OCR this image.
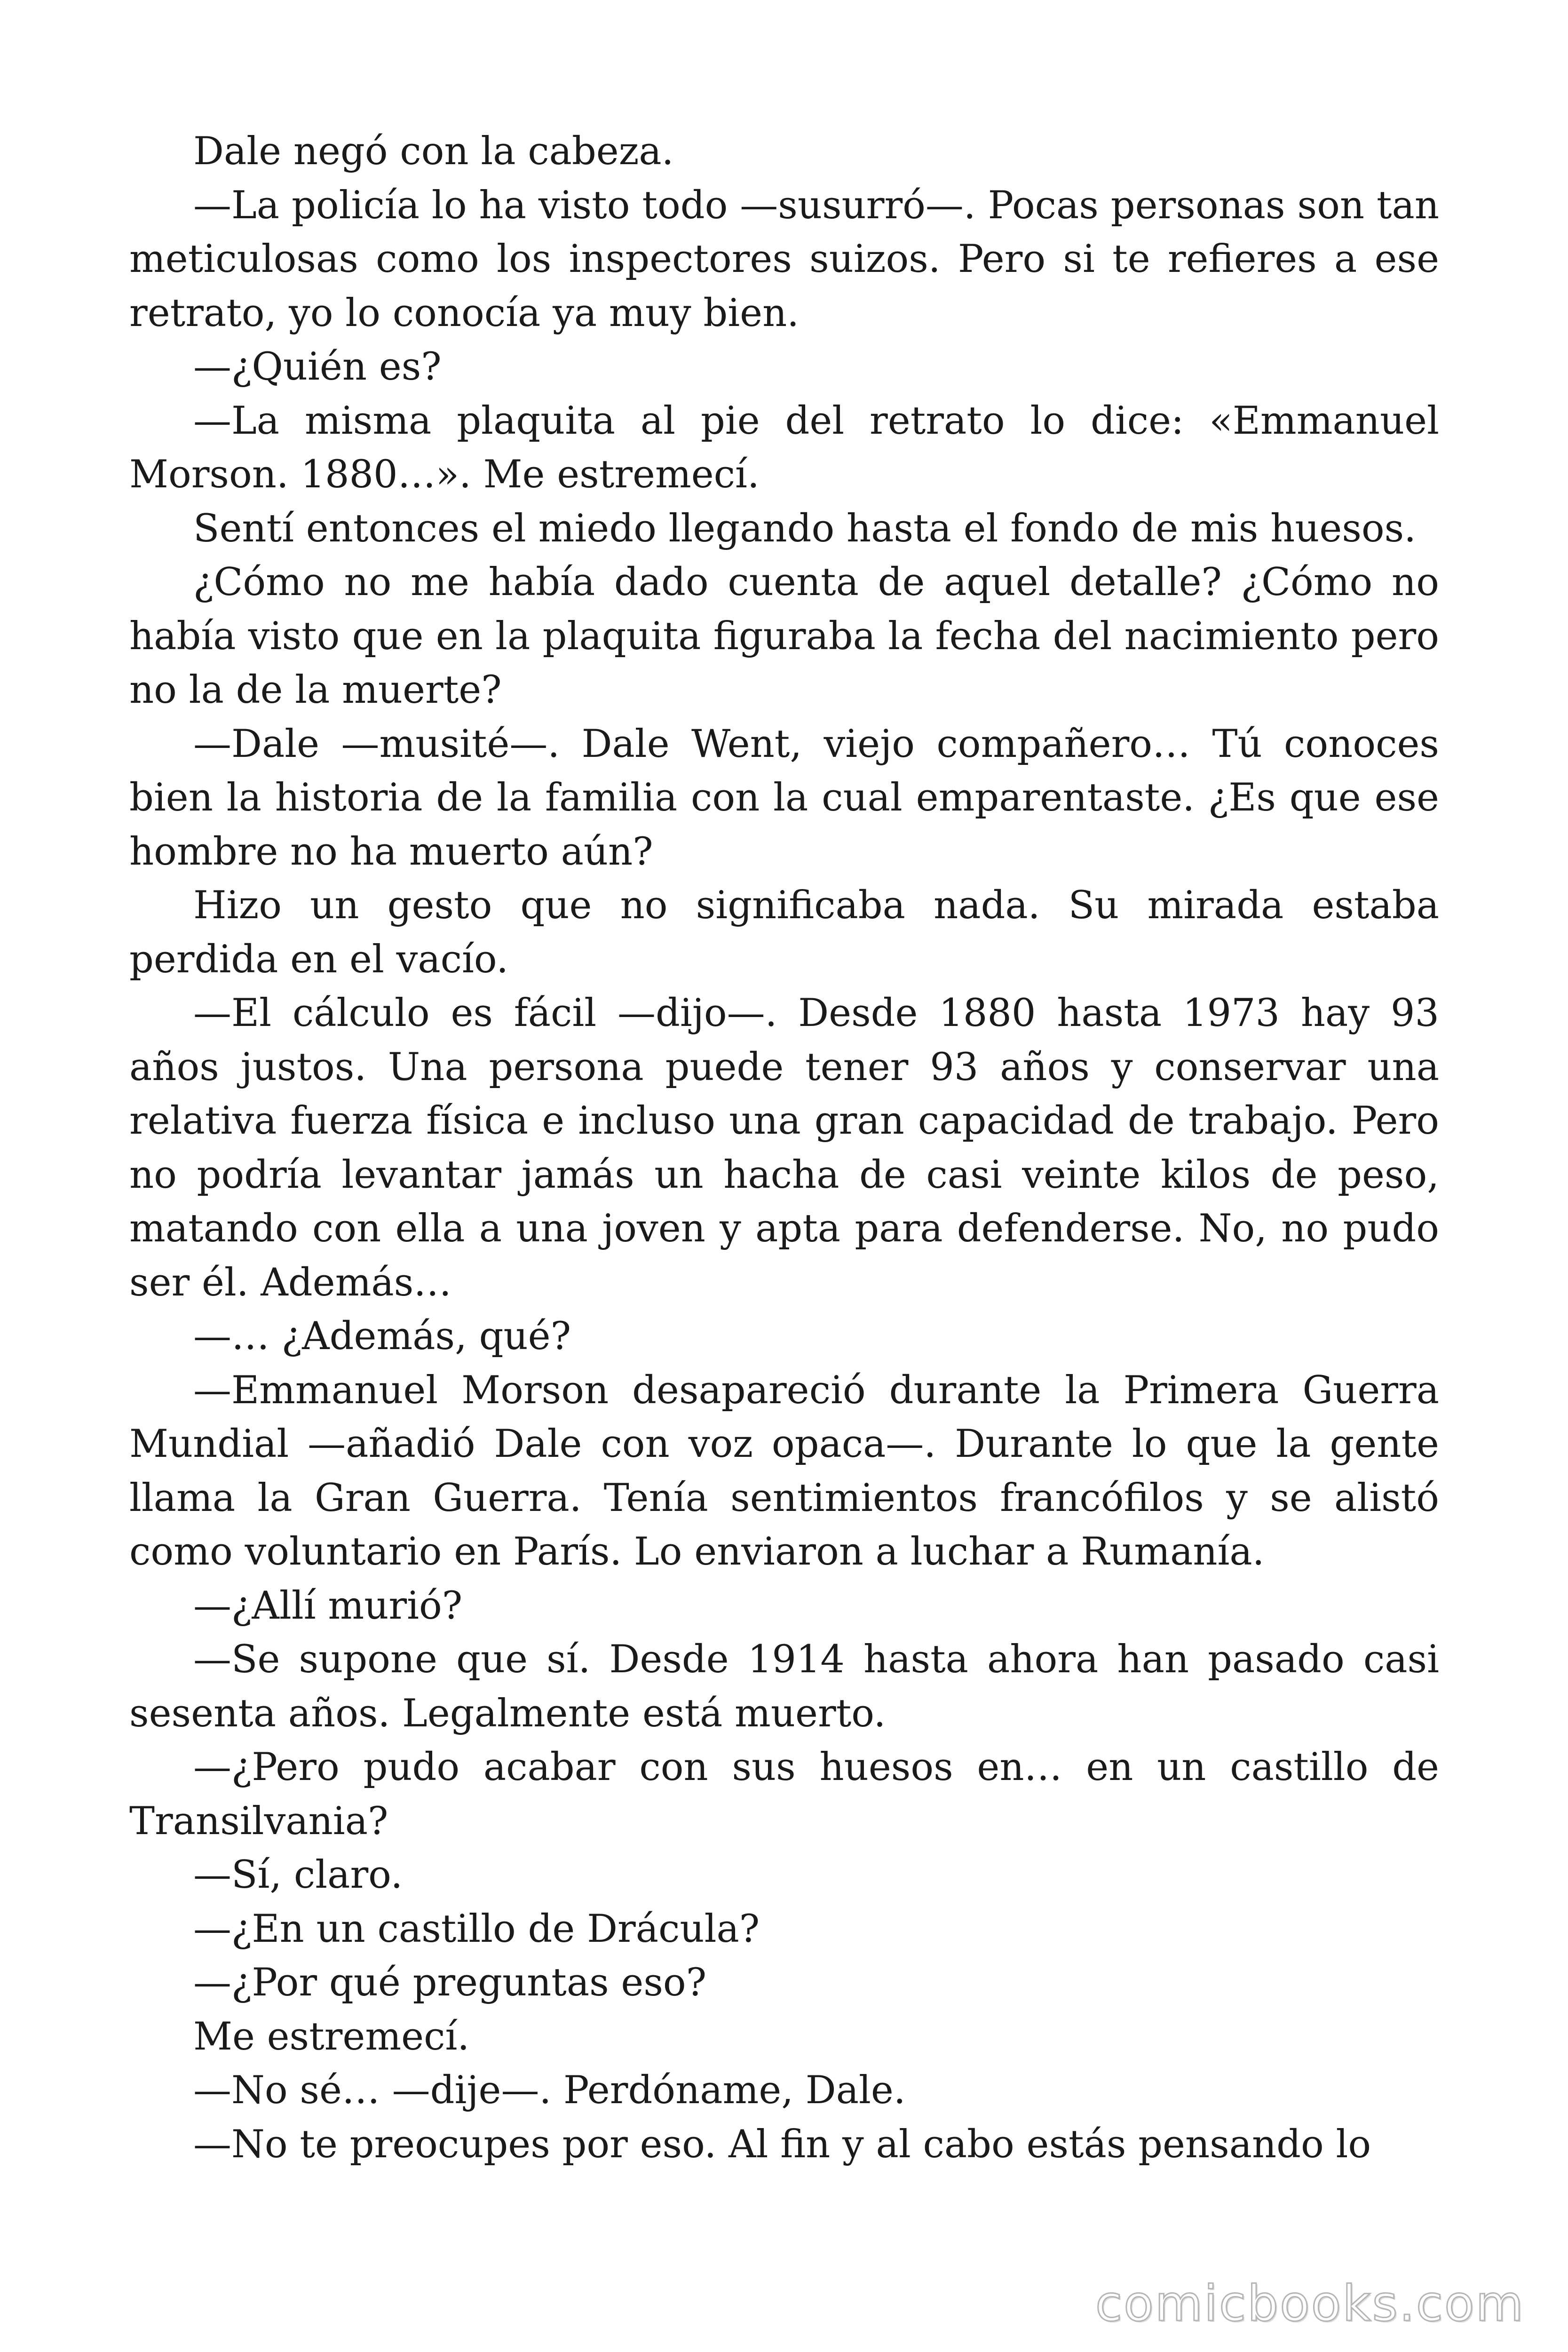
Dale negó con la cabeza.

—La policía lo ha visto todo —susurró—. Pocas personas son tan meticulosas como los inspectores suizos. Pero si te refieres a ese retrato, yo lo conocía ya muy bien.

—¿Quién es?

—La misma plaquita al pie del retrato lo dice: «Emmanuel Morson. 1880…». Me estremecí.

Sentí entonces el miedo llegando hasta el fondo de mis huesos.

¿Cómo no me había dado cuenta de aquel detalle? ¿Cómo no había visto que en la plaquita figuraba la fecha del nacimiento pero no la de la muerte?

—Dale —musité—. Dale Went, viejo compañero… Tú conoces bien la historia de la familia con la cual emparentaste. ¿Es que ese hombre no ha muerto aún?

Hizo un gesto que no significaba nada. Su mirada estaba perdida en el vacío.

—El cálculo es fácil —dijo—. Desde 1880 hasta 1973 hay 93 años justos. Una persona puede tener 93 años y conservar una relativa fuerza física e incluso una gran capacidad de trabajo. Pero no podría levantar jamás un hacha de casi veinte kilos de peso, matando con ella a una joven y apta para defenderse. No, no pudo ser él. Además…

—… ¿Además, qué?

—Emmanuel Morson desapareció durante la Primera Guerra Mundial —añadió Dale con voz opaca—. Durante lo que la gente llama la Gran Guerra. Tenía sentimientos francófilos y se alistó como voluntario en París. Lo enviaron a luchar a Rumanía.

—¿Allí murió?

—Se supone que sí. Desde 1914 hasta ahora han pasado casi sesenta años. Legalmente está muerto.

—¿Pero pudo acabar con sus huesos en… en un castillo de Transilvania?

—Sí, claro.

—¿En un castillo de Drácula?

—¿Por qué preguntas eso?

Me estremecí.

—No sé… —dije—. Perdóname, Dale.

—No te preocupes por eso. Al fin y al cabo estás pensando lo

comicbooks.com
